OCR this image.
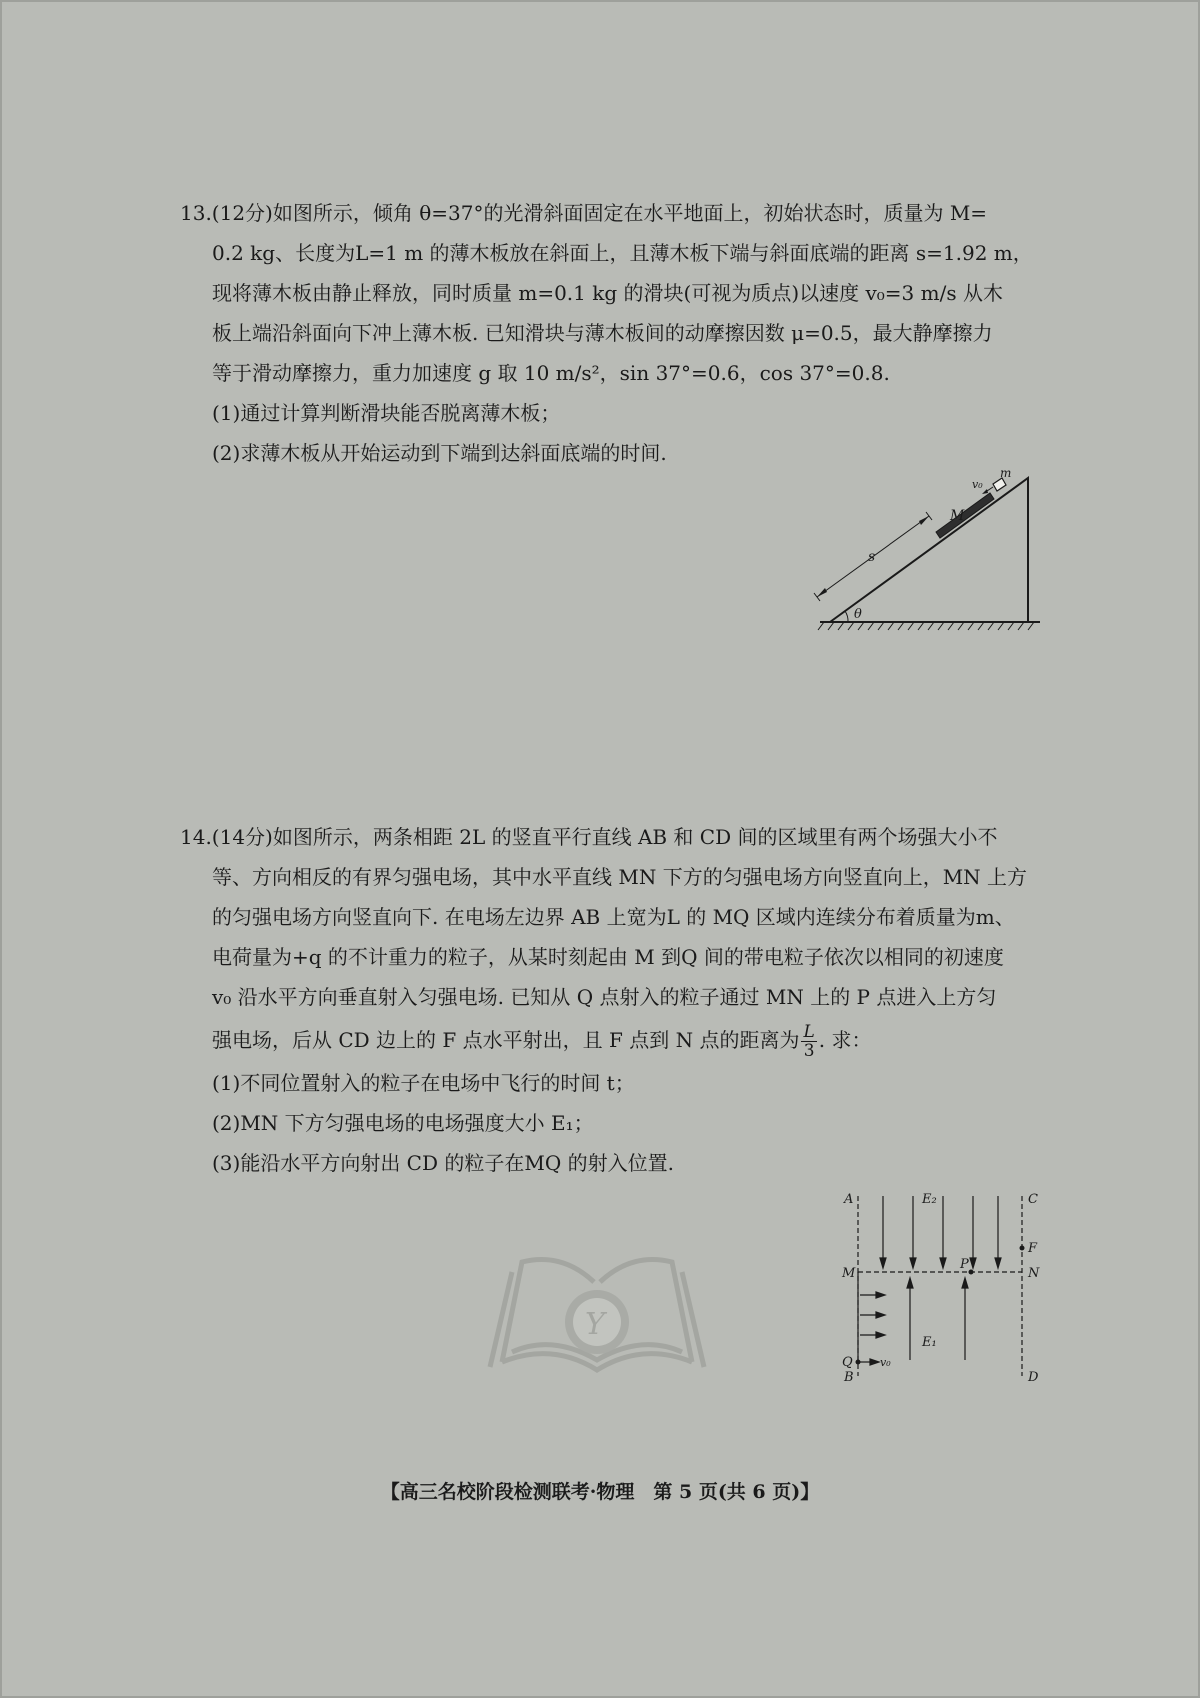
13.(12分)如图所示，倾角 θ=37°的光滑斜面固定在水平地面上，初始状态时，质量为 M=

0.2 kg、长度为L=1 m 的薄木板放在斜面上，且薄木板下端与斜面底端的距离 s=1.92 m，

现将薄木板由静止释放，同时质量 m=0.1 kg 的滑块(可视为质点)以速度 v₀=3 m/s 从木

板上端沿斜面向下冲上薄木板. 已知滑块与薄木板间的动摩擦因数 μ=0.5，最大静摩擦力

等于滑动摩擦力，重力加速度 g 取 10 m/s²，sin 37°=0.6，cos 37°=0.8.

(1)通过计算判断滑块能否脱离薄木板；

(2)求薄木板从开始运动到下端到达斜面底端的时间.

m
v₀
M
s
θ

14.(14分)如图所示，两条相距 2L 的竖直平行直线 AB 和 CD 间的区域里有两个场强大小不

等、方向相反的有界匀强电场，其中水平直线 MN 下方的匀强电场方向竖直向上，MN 上方

的匀强电场方向竖直向下. 在电场左边界 AB 上宽为L 的 MQ 区域内连续分布着质量为m、

电荷量为+q 的不计重力的粒子，从某时刻起由 M 到Q 间的带电粒子依次以相同的初速度

v₀ 沿水平方向垂直射入匀强电场. 已知从 Q 点射入的粒子通过 MN 上的 P 点进入上方匀

强电场，后从 CD 边上的 F 点水平射出，且 F 点到 N 点的距离为 $\frac{L}{3}$ . 求：

(1)不同位置射入的粒子在电场中飞行的时间 t；

(2)MN 下方匀强电场的电场强度大小 E₁；

(3)能沿水平方向射出 CD 的粒子在MQ 的射入位置.

Y
A	E₂	C
F
P
M	N
E₁
Q v₀
B	D
【高三名校阶段检测联考·物理　第 5 页(共 6 页)】
